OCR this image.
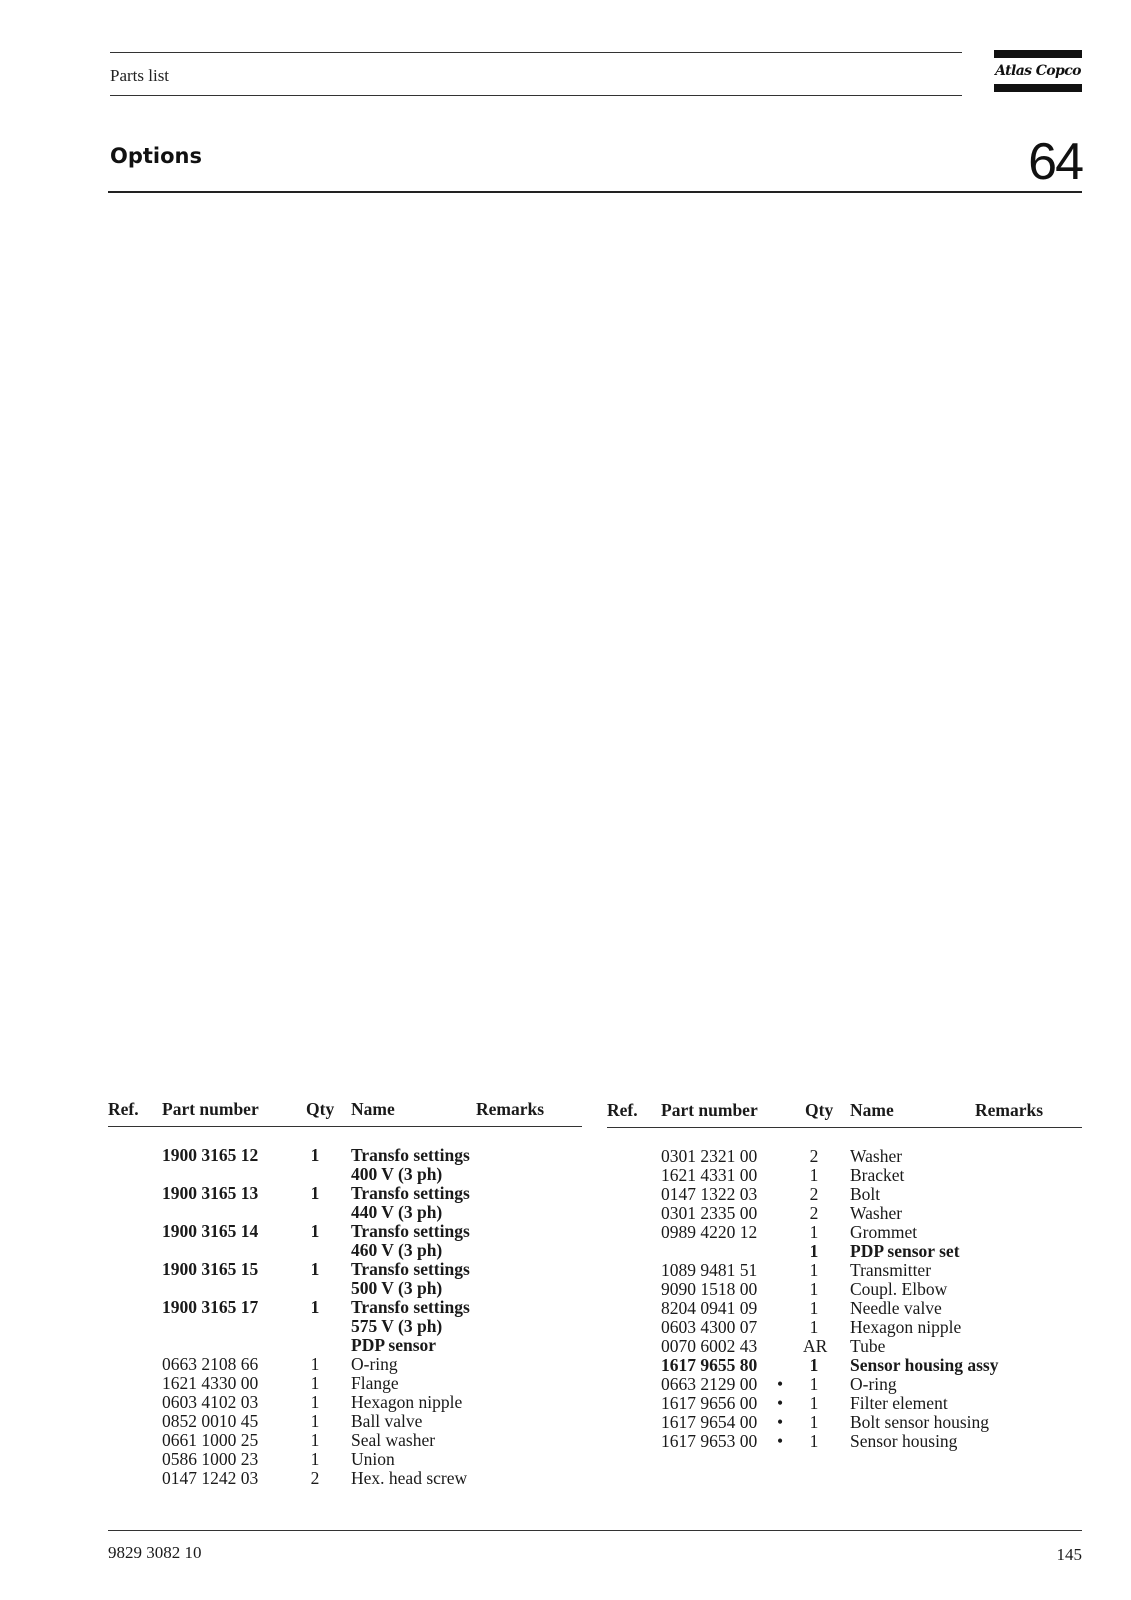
Parts list	Atlas Copco
Options	64
Ref. Part number	Qty Name	Remarks
1900 3165 12	1	Transfo settings
400 V (3 ph)
1900 3165 13	1	Transfo settings
440 V (3 ph)
1900 3165 14	1	Transfo settings
460 V (3 ph)
1900 3165 15	1	Transfo settings
500 V (3 ph)
1900 3165 17	1	Transfo settings
575 V (3 ph)
PDP sensor
0663 2108 66	1	O-ring
1621 4330 00	1	Flange
0603 4102 03	1	Hexagon nipple
0852 0010 45	1	Ball valve
0661 1000 25	1	Seal washer
0586 1000 23	1	Union
0147 1242 03	2	Hex. head screw
Ref. Part number	Qty Name	Remarks
0301 2321 00	2	Washer
1621 4331 00	1	Bracket
0147 1322 03	2	Bolt
0301 2335 00	2	Washer
0989 4220 12	1	Grommet
1	PDP sensor set
1089 9481 51	1	Transmitter
9090 1518 00	1	Coupl. Elbow
8204 0941 09	1	Needle valve
0603 4300 07	1	Hexagon nipple
0070 6002 43	AR Tube
1617 9655 80	1	Sensor housing assy
0663 2129 00 •	1	O-ring
1617 9656 00 •	1	Filter element
1617 9654 00 •	1	Bolt sensor housing
1617 9653 00 •	1	Sensor housing
9829 3082 10	145
